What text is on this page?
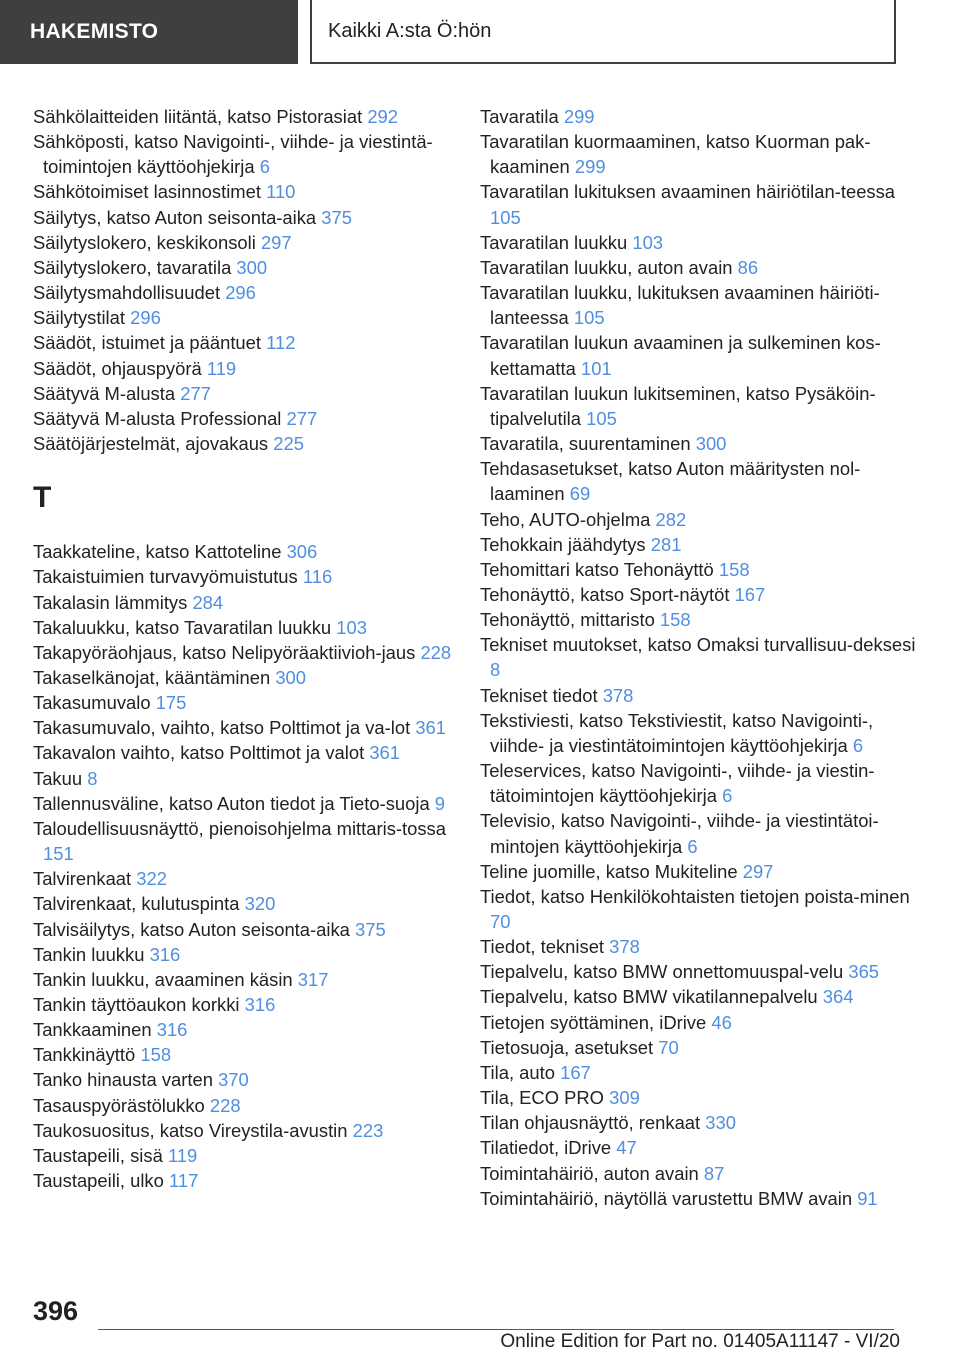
HAKEMISTO	Kaikki A:sta Ö:hön
Sähkölaitteiden liitäntä, katso Pistorasiat 292
Sähköposti, katso Navigointi-, viihde- ja viestintä-toimintojen käyttöohjekirja 6
Sähkötoimiset lasinnostimet 110
Säilytys, katso Auton seisonta-aika 375
Säilytyslokero, keskikonsoli 297
Säilytyslokero, tavaratila 300
Säilytysmahdollisuudet 296
Säilytystilat 296
Säädöt, istuimet ja pääntuet 112
Säädöt, ohjauspyörä 119
Säätyvä M-alusta 277
Säätyvä M-alusta Professional 277
Säätöjärjestelmät, ajovakaus 225
T
Taakkateline, katso Kattoteline 306
Takaistuimien turvavyömuistutus 116
Takalasin lämmitys 284
Takaluukku, katso Tavaratilan luukku 103
Takapyöräohjaus, katso Nelipyöräaktiivioh-jaus 228
Takaselkänojat, kääntäminen 300
Takasumuvalo 175
Takasumuvalo, vaihto, katso Polttimot ja va-lot 361
Takavalon vaihto, katso Polttimot ja valot 361
Takuu 8
Tallennusväline, katso Auton tiedot ja Tieto-suoja 9
Taloudellisuusnäyttö, pienoisohjelma mittaris-tossa 151
Talvirenkaat 322
Talvirenkaat, kulutuspinta 320
Talvisäilytys, katso Auton seisonta-aika 375
Tankin luukku 316
Tankin luukku, avaaminen käsin 317
Tankin täyttöaukon korkki 316
Tankkaaminen 316
Tankkinäyttö 158
Tanko hinausta varten 370
Tasauspyörästölukko 228
Taukosuositus, katso Vireystila-avustin 223
Taustapeili, sisä 119
Taustapeili, ulko 117
Tavaratila 299
Tavaratilan kuormaaminen, katso Kuorman pak-kaaminen 299
Tavaratilan lukituksen avaaminen häiriötilan-teessa 105
Tavaratilan luukku 103
Tavaratilan luukku, auton avain 86
Tavaratilan luukku, lukituksen avaaminen häiriöti-lanteessa 105
Tavaratilan luukun avaaminen ja sulkeminen kos-kettamatta 101
Tavaratilan luukun lukitseminen, katso Pysäköin-tipalvelutila 105
Tavaratila, suurentaminen 300
Tehdasasetukset, katso Auton määritysten nol-laaminen 69
Teho, AUTO-ohjelma 282
Tehokkain jäähdytys 281
Tehomittari katso Tehonäyttö 158
Tehonäyttö, katso Sport-näytöt 167
Tehonäyttö, mittaristo 158
Tekniset muutokset, katso Omaksi turvallisuu-deksesi 8
Tekniset tiedot 378
Tekstiviesti, katso Tekstiviestit, katso Navigointi-, viihde- ja viestintätoimintojen käyttöohjekirja 6
Teleservices, katso Navigointi-, viihde- ja viestin-tätoimintojen käyttöohjekirja 6
Televisio, katso Navigointi-, viihde- ja viestintätoi-mintojen käyttöohjekirja 6
Teline juomille, katso Mukiteline 297
Tiedot, katso Henkilökohtaisten tietojen poista-minen 70
Tiedot, tekniset 378
Tiepalvelu, katso BMW onnettomuuspal-velu 365
Tiepalvelu, katso BMW vikatilannepalvelu 364
Tietojen syöttäminen, iDrive 46
Tietosuoja, asetukset 70
Tila, auto 167
Tila, ECO PRO 309
Tilan ohjausnäyttö, renkaat 330
Tilatiedot, iDrive 47
Toimintahäiriö, auton avain 87
Toimintahäiriö, näytöllä varustettu BMW avain 91
396
Online Edition for Part no. 01405A11147 - VI/20
